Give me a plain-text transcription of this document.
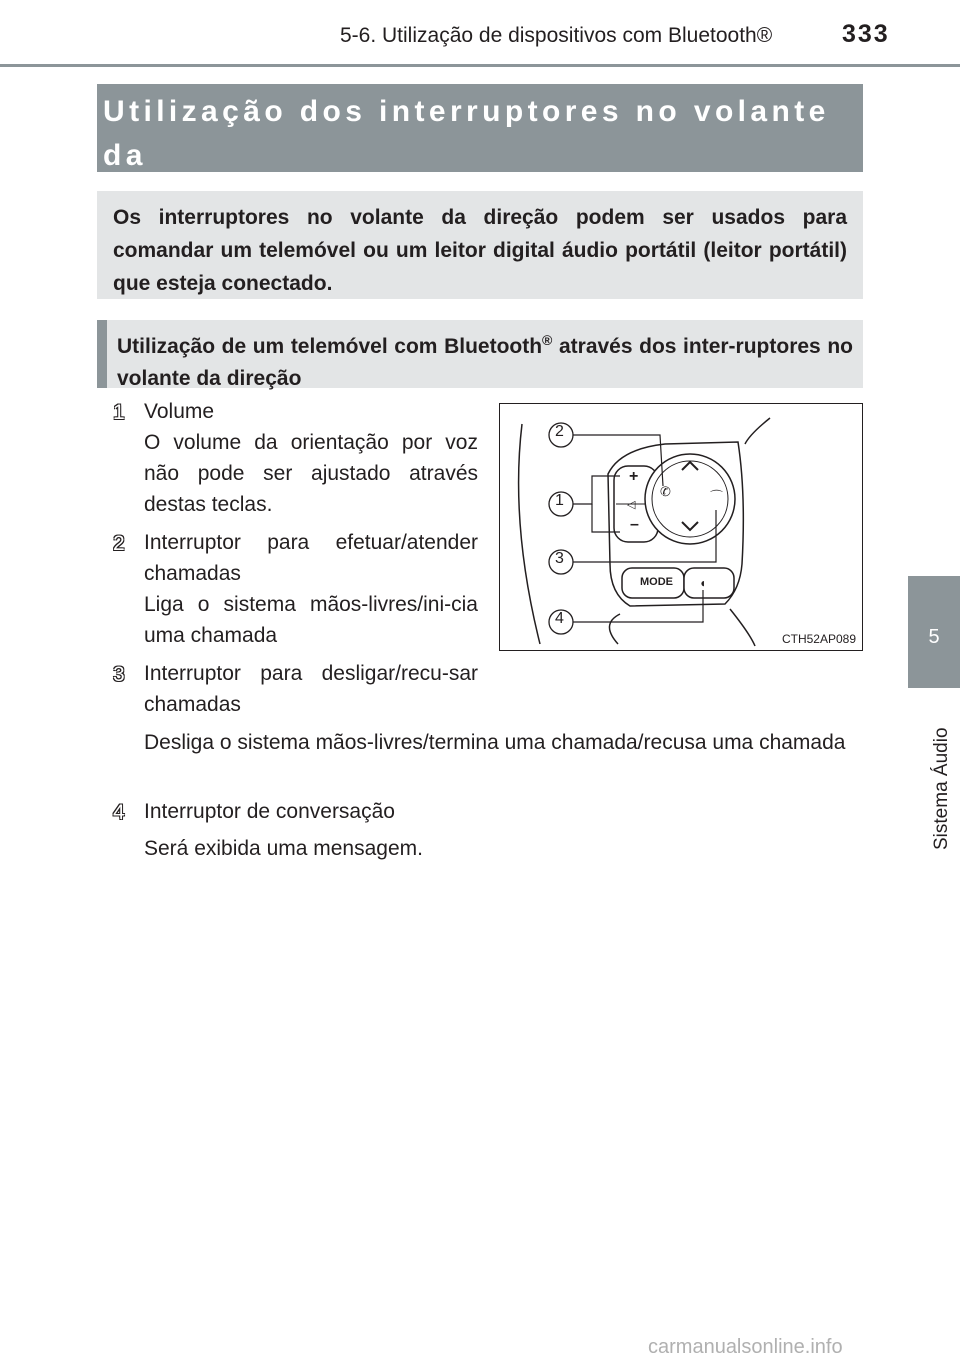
5-6. Utilização de dispositivos com Bluetooth®	333
5
Sistema Áudio
Utilização dos interruptores no volante da

Os interruptores no volante da direção podem ser usados para comandar um telemóvel ou um leitor digital áudio portátil (leitor portátil) que esteja conectado.

Utilização de um telemóvel com Bluetooth® através dos inter-ruptores no volante da direção

1 Volume
O volume da orientação por voz não pode ser ajustado através destas teclas.
2 Interruptor para efetuar/atender chamadas
Liga o sistema mãos-livres/ini-cia uma chamada
3 Interruptor para desligar/recu-sar chamadas
Desliga o sistema mãos-livres/termina uma chamada/recusa uma chamada
4 Interruptor de conversação
Será exibida uma mensagem.
2
1
3
4
+
–
MODE
✆	⌒
◁
◖
CTH52AP089
carmanualsonline.info
